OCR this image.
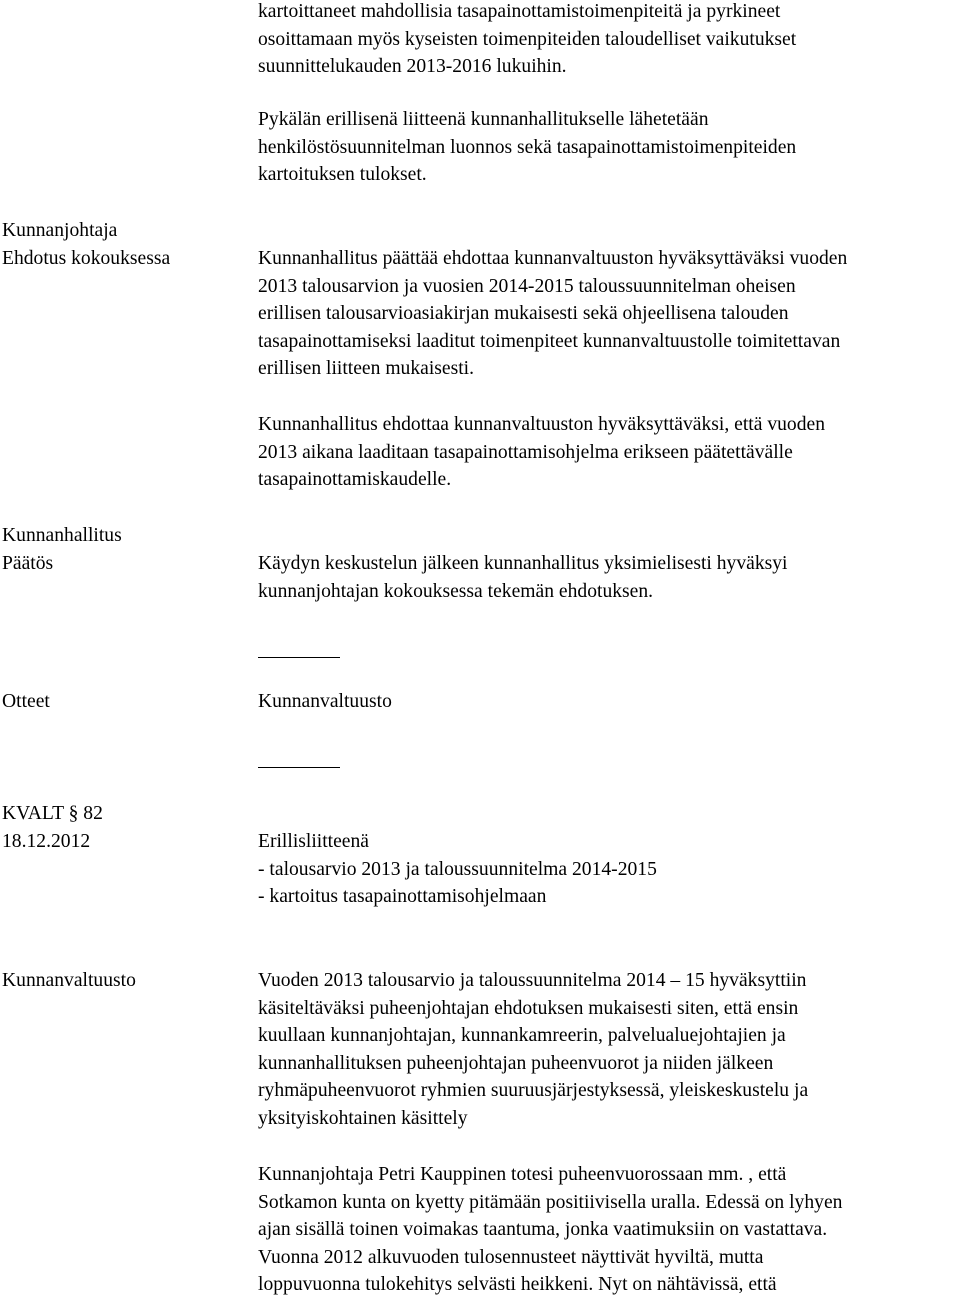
kartoittaneet mahdollisia tasapainottamistoimenpiteitä ja pyrkineet
osoittamaan myös kyseisten toimenpiteiden taloudelliset vaikutukset
suunnittelukauden 2013-2016 lukuihin.
Pykälän erillisenä liitteenä kunnanhallitukselle lähetetään
henkilöstösuunnitelman luonnos sekä tasapainottamistoimenpiteiden
kartoituksen tulokset.
Kunnanjohtaja
Ehdotus kokouksessa	Kunnanhallitus päättää ehdottaa kunnanvaltuuston hyväksyttäväksi vuoden
2013 talousarvion ja vuosien 2014-2015 taloussuunnitelman oheisen
erillisen talousarvioasiakirjan mukaisesti sekä ohjeellisena talouden
tasapainottamiseksi laaditut toimenpiteet kunnanvaltuustolle toimitettavan
erillisen liitteen mukaisesti.
Kunnanhallitus ehdottaa kunnanvaltuuston hyväksyttäväksi, että vuoden
2013 aikana laaditaan tasapainottamisohjelma erikseen päätettävälle
tasapainottamiskaudelle.
Kunnanhallitus
Päätös	Käydyn keskustelun jälkeen kunnanhallitus yksimielisesti hyväksyi
kunnanjohtajan kokouksessa tekemän ehdotuksen.
Otteet	Kunnanvaltuusto
KVALT § 82
18.12.2012	Erillisliitteenä
- talousarvio 2013 ja taloussuunnitelma 2014-2015
- kartoitus tasapainottamisohjelmaan
Kunnanvaltuusto	Vuoden 2013 talousarvio ja taloussuunnitelma 2014 – 15 hyväksyttiin
käsiteltäväksi puheenjohtajan ehdotuksen mukaisesti siten, että ensin
kuullaan kunnanjohtajan, kunnankamreerin, palvelualuejohtajien ja
kunnanhallituksen puheenjohtajan puheenvuorot ja niiden jälkeen
ryhmäpuheenvuorot ryhmien suuruusjärjestyksessä, yleiskeskustelu ja
yksityiskohtainen käsittely
Kunnanjohtaja Petri Kauppinen totesi puheenvuorossaan mm. , että
Sotkamon kunta on kyetty pitämään positiivisella uralla. Edessä on lyhyen
ajan sisällä toinen voimakas taantuma, jonka vaatimuksiin on vastattava.
Vuonna 2012 alkuvuoden tulosennusteet näyttivät hyviltä, mutta
loppuvuonna tulokehitys selvästi heikkeni. Nyt on nähtävissä, että
